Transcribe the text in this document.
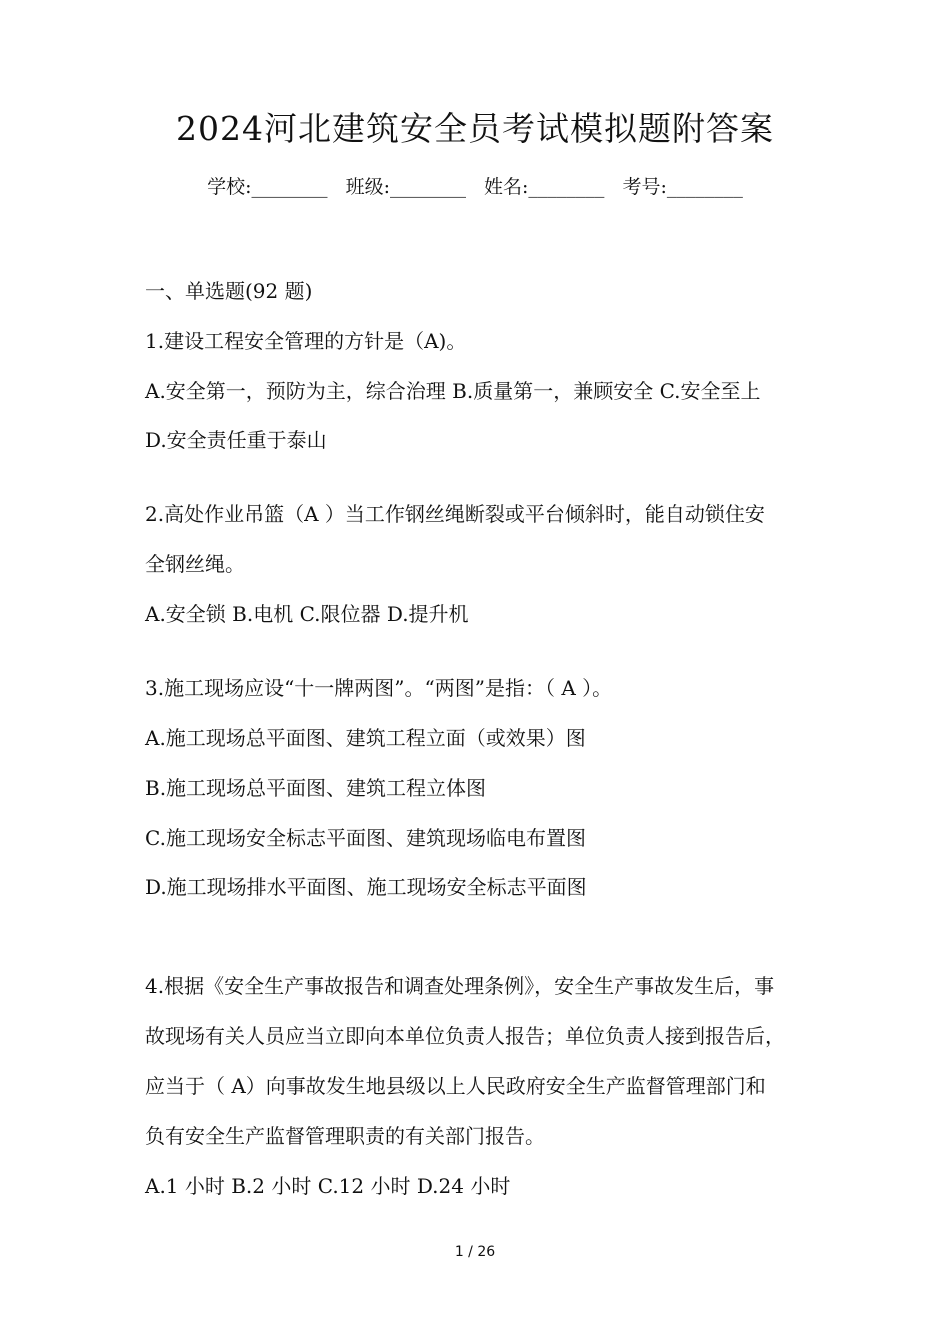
2024河北建筑安全员考试模拟题附答案
学校:________ 班级:________ 姓名:________ 考号:________
一、单选题(92 题)
1.建设工程安全管理的方针是（A)。
A.安全第一，预防为主，综合治理 B.质量第一，兼顾安全 C.安全至上
D.安全责任重于泰山
2.高处作业吊篮（A ）当工作钢丝绳断裂或平台倾斜时，能自动锁住安
全钢丝绳。
A.安全锁 B.电机 C.限位器 D.提升机
3.施工现场应设“十一牌两图”。“两图”是指：（ A ）。
A.施工现场总平面图、建筑工程立面（或效果）图
B.施工现场总平面图、建筑工程立体图
C.施工现场安全标志平面图、建筑现场临电布置图
D.施工现场排水平面图、施工现场安全标志平面图
4.根据《安全生产事故报告和调查处理条例》，安全生产事故发生后，事
故现场有关人员应当立即向本单位负责人报告；单位负责人接到报告后，
应当于（ A）向事故发生地县级以上人民政府安全生产监督管理部门和
负有安全生产监督管理职责的有关部门报告。
A.1 小时 B.2 小时 C.12 小时 D.24 小时
1 / 26
